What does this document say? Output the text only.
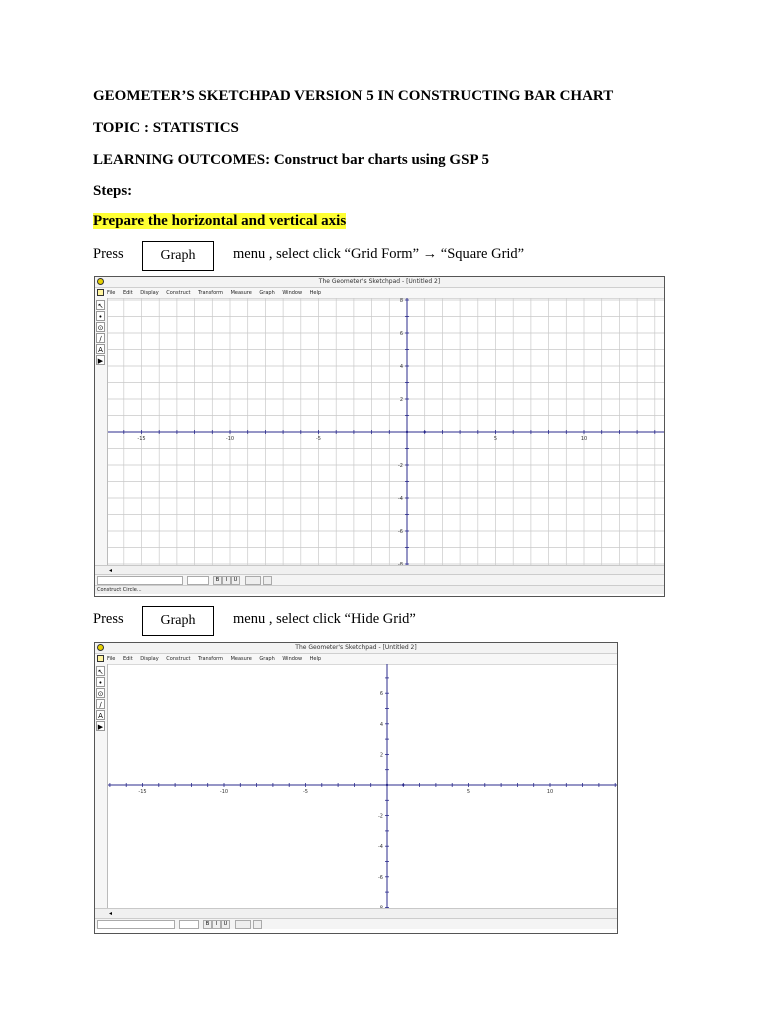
GEOMETER’S SKETCHPAD VERSION 5 IN CONSTRUCTING BAR CHART
TOPIC : STATISTICS
LEARNING OUTCOMES: Construct bar charts using GSP 5
Steps:
Prepare the horizontal and vertical axis
Press	Graph	menu , select click “Grid Form” → “Square Grid”
The Geometer's Sketchpad - [Untitled 2]
File Edit Display Construct Transform Measure Graph Window Help
↖
•
⊙
∕
A
▶
-15	-10	-5	5	10
8
6
4
2
-2
-4
-6
◂
B	I	U
Construct Circle...
Press	Graph	menu , select click “Hide Grid”
The Geometer's Sketchpad - [Untitled 2]
File Edit Display Construct Transform Measure Graph Window Help
↖
•
⊙
∕
A
▶
-15	-10	-5	5	10
6
4
2
-2
-4
-6
◂
B	I	U
